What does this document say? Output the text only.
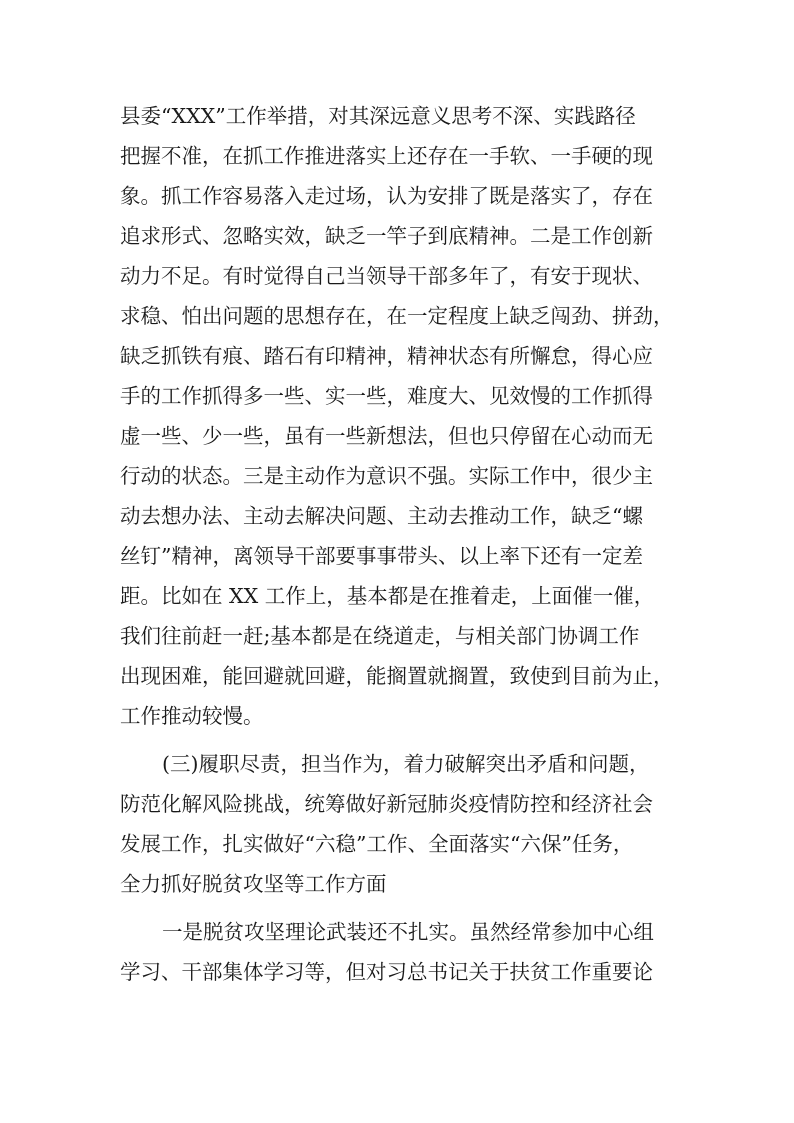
县委“XXX”工作举措，对其深远意义思考不深、实践路径
把握不准，在抓工作推进落实上还存在一手软、一手硬的现
象。抓工作容易落入走过场，认为安排了既是落实了，存在
追求形式、忽略实效，缺乏一竿子到底精神。二是工作创新
动力不足。有时觉得自己当领导干部多年了，有安于现状、
求稳、怕出问题的思想存在，在一定程度上缺乏闯劲、拼劲，
缺乏抓铁有痕、踏石有印精神，精神状态有所懈怠，得心应
手的工作抓得多一些、实一些，难度大、见效慢的工作抓得
虚一些、少一些，虽有一些新想法，但也只停留在心动而无
行动的状态。三是主动作为意识不强。实际工作中，很少主
动去想办法、主动去解决问题、主动去推动工作，缺乏“螺
丝钉”精神，离领导干部要事事带头、以上率下还有一定差
距。比如在 XX 工作上，基本都是在推着走，上面催一催，
我们往前赶一赶;基本都是在绕道走，与相关部门协调工作
出现困难，能回避就回避，能搁置就搁置，致使到目前为止，
工作推动较慢。
(三)履职尽责，担当作为，着力破解突出矛盾和问题，
防范化解风险挑战，统筹做好新冠肺炎疫情防控和经济社会
发展工作，扎实做好“六稳”工作、全面落实“六保”任务，
全力抓好脱贫攻坚等工作方面
一是脱贫攻坚理论武装还不扎实。虽然经常参加中心组
学习、干部集体学习等，但对习总书记关于扶贫工作重要论
